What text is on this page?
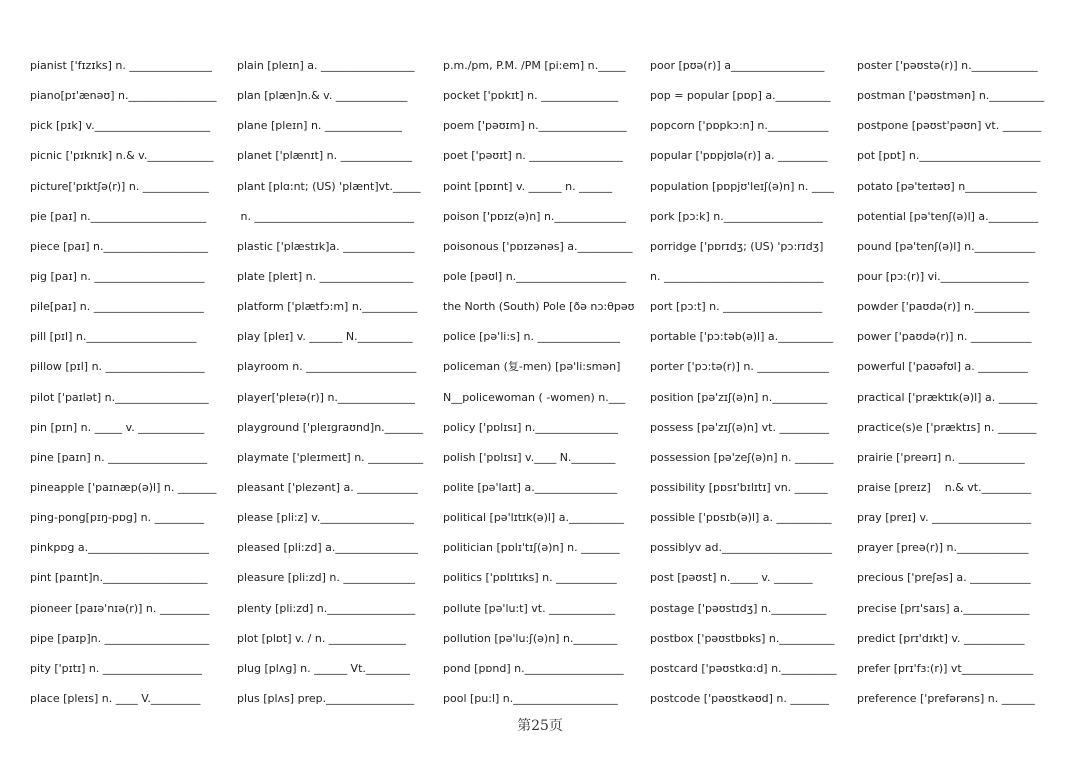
pianist ['fɪzɪks] n. _______________
piano[pɪ'ænəʊ] n.________________
pick [pɪk] v._____________________
picnic ['pɪknɪk] n.& v.____________
picture['pɪktʃə(r)] n. ____________
pie [paɪ] n._____________________
piece [paɪ] n.___________________
pig [paɪ] n. ____________________
pile[paɪ] n. ____________________
pill [pɪl] n.____________________
pillow [pɪl] n. __________________
pilot ['paɪlət] n._________________
pin [pɪn] n. _____ v. ____________
pine [paɪn] n. __________________
pineapple ['paɪnæp(ə)l] n. _______
ping-pong[pɪŋ-pɒg] n. _________
pinkpɒg a.______________________
pint [paɪnt]n.___________________
pioneer [paɪə'nɪə(r)] n. _________
pipe [paɪp]n. ___________________
pity ['pɪtɪ] n. __________________
place [pleɪs] n. ____ V._________
plain [pleɪn] a. _________________
plan [plæn]n.& v. _____________
plane [pleɪn] n. ______________
planet ['plænɪt] n. _____________
plant [plɑ:nt; (US) 'plænt]vt._____
n. _____________________________
plastic ['plæstɪk]a. _____________
plate [pleɪt] n. _________________
platform ['plætfɔ:m] n.__________
play [pleɪ] v. ______ N.__________
playroom n. ____________________
player['pleɪə(r)] n.______________
playground ['pleɪgraʊnd]n._______
playmate ['pleɪmeɪt] n. __________
pleasant ['plezənt] a. ___________
please [pli:z] v._________________
pleased [pli:zd] a._______________
pleasure [pli:zd] n. _____________
plenty [pli:zd] n.________________
plot [plɒt] v. / n. ______________
plug [plʌg] n. ______ Vt.________
plus [plʌs] prep.________________
p.m./pm, P.M. /PM [pi:em] n._____
pocket ['pɒkɪt] n. ______________
poem ['pəʊɪm] n.________________
poet ['pəʊɪt] n. _________________
point [pɒɪnt] v. ______ n. ______
poison ['pɒɪz(ə)n] n._____________
poisonous ['pɒɪzənəs] a.__________
pole [pəʊl] n.____________________
the North (South) Pole [ðə nɔ:θpəʊ
police [pə'li:s] n. _______________
policeman (复-men) [pə'li:smən]
N__policewoman ( -women) n.___
policy ['pɒlɪsɪ] n._______________
polish ['pɒlɪsɪ] v.____ N.________
polite [pə'laɪt] a._______________
political [pə'lɪtɪk(ə)l] a.__________
politician [pɒlɪ'tɪʃ(ə)n] n. _______
politics ['pɒlɪtɪks] n. ___________
pollute [pə'lu:t] vt. ____________
pollution [pə'lu:ʃ(ə)n] n.________
pond [pɒnd] n.__________________
pool [pu:l] n.___________________
poor [pʊə(r)] a_________________
pop = popular [pɒp] a.__________
popcorn ['pɒpkɔ:n] n.___________
popular ['pɒpjʊlə(r)] a. _________
population [pɒpjʊ'leɪʃ(ə)n] n. ____
pork [pɔ:k] n.__________________
porridge ['pɒrɪdʒ; (US) 'pɔ:rɪdʒ]
n. _____________________________
port [pɔ:t] n. __________________
portable ['pɔ:təb(ə)l] a.__________
porter ['pɔ:tə(r)] n. _____________
position [pə'zɪʃ(ə)n] n.__________
possess [pə'zɪʃ(ə)n] vt. _________
possession [pə'zeʃ(ə)n] n. _______
possibility [pɒsɪ'bɪlɪtɪ] vn. ______
possible ['pɒsɪb(ə)l] a. __________
possiblyv ad.____________________
post [pəʊst] n._____ v. _______
postage ['pəʊstɪdʒ] n.__________
postbox ['pəʊstbɒks] n.__________
postcard ['pəʊstkɑ:d] n.__________
postcode ['pəʊstkəʊd] n. _______
poster ['pəʊstə(r)] n.____________
postman ['pəʊstmən] n.__________
postpone [pəʊst'pəʊn] vt. _______
pot [pɒt] n.______________________
potato [pə'teɪtəʊ] n_____________
potential [pə'tenʃ(ə)l] a._________
pound [pə'tenʃ(ə)l] n.___________
pour [pɔ:(r)] vi.________________
powder ['paʊdə(r)] n.__________
power ['paʊdə(r)] n. ___________
powerful ['paʊəfʊl] a. _________
practical ['præktɪk(ə)l] a. _______
practice(s)e ['præktɪs] n. _______
prairie ['preərɪ] n. ____________
praise [preɪz]    n.& vt._________
pray [preɪ] v. __________________
prayer [preə(r)] n._____________
precious ['preʃəs] a. ___________
precise [prɪ'saɪs] a.____________
predict [prɪ'dɪkt] v. ___________
prefer [prɪ'fɜ:(r)] vt_____________
preference ['prefərəns] n. ______
第25页
